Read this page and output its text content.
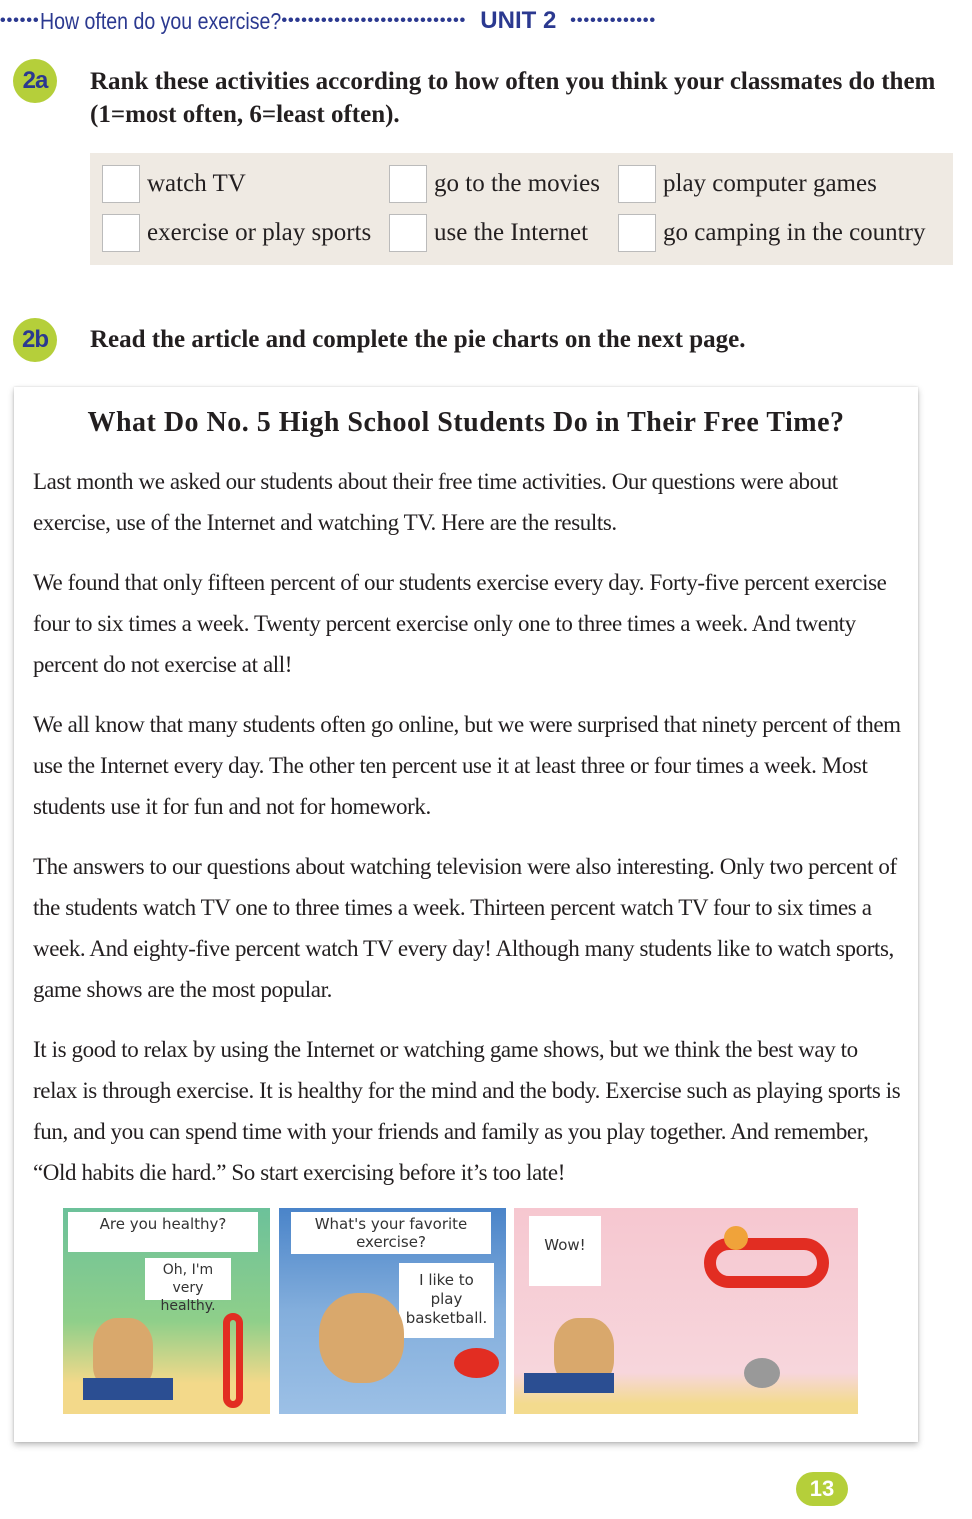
•••••• How often do you exercise? •••••••••••••••••••••••••••• UNIT 2 •••••••••••••
2a	Rank these activities according to how often you think your classmates do them (1=most often, 6=least often).
watch TV	go to the movies	play computer games
exercise or play sports	use the Internet	go camping in the country
2b	Read the article and complete the pie charts on the next page.
What Do No. 5 High School Students Do in Their Free Time?

Last month we asked our students about their free time activities. Our questions were about exercise, use of the Internet and watching TV. Here are the results.

We found that only fifteen percent of our students exercise every day. Forty-five percent exercise four to six times a week. Twenty percent exercise only one to three times a week. And twenty percent do not exercise at all!

We all know that many students often go online, but we were surprised that ninety percent of them use the Internet every day. The other ten percent use it at least three or four times a week. Most students use it for fun and not for homework.

The answers to our questions about watching television were also interesting. Only two percent of the students watch TV one to three times a week. Thirteen percent watch TV four to six times a week. And eighty-five percent watch TV every day! Although many students like to watch sports, game shows are the most popular.

It is good to relax by using the Internet or watching game shows, but we think the best way to relax is through exercise. It is healthy for the mind and the body. Exercise such as playing sports is fun, and you can spend time with your friends and family as you play together. And remember, “Old habits die hard.” So start exercising before it’s too late!

Are you healthy?
Oh, I'm very healthy.
What's your favorite exercise?
I like to play basketball.
Wow!
13
